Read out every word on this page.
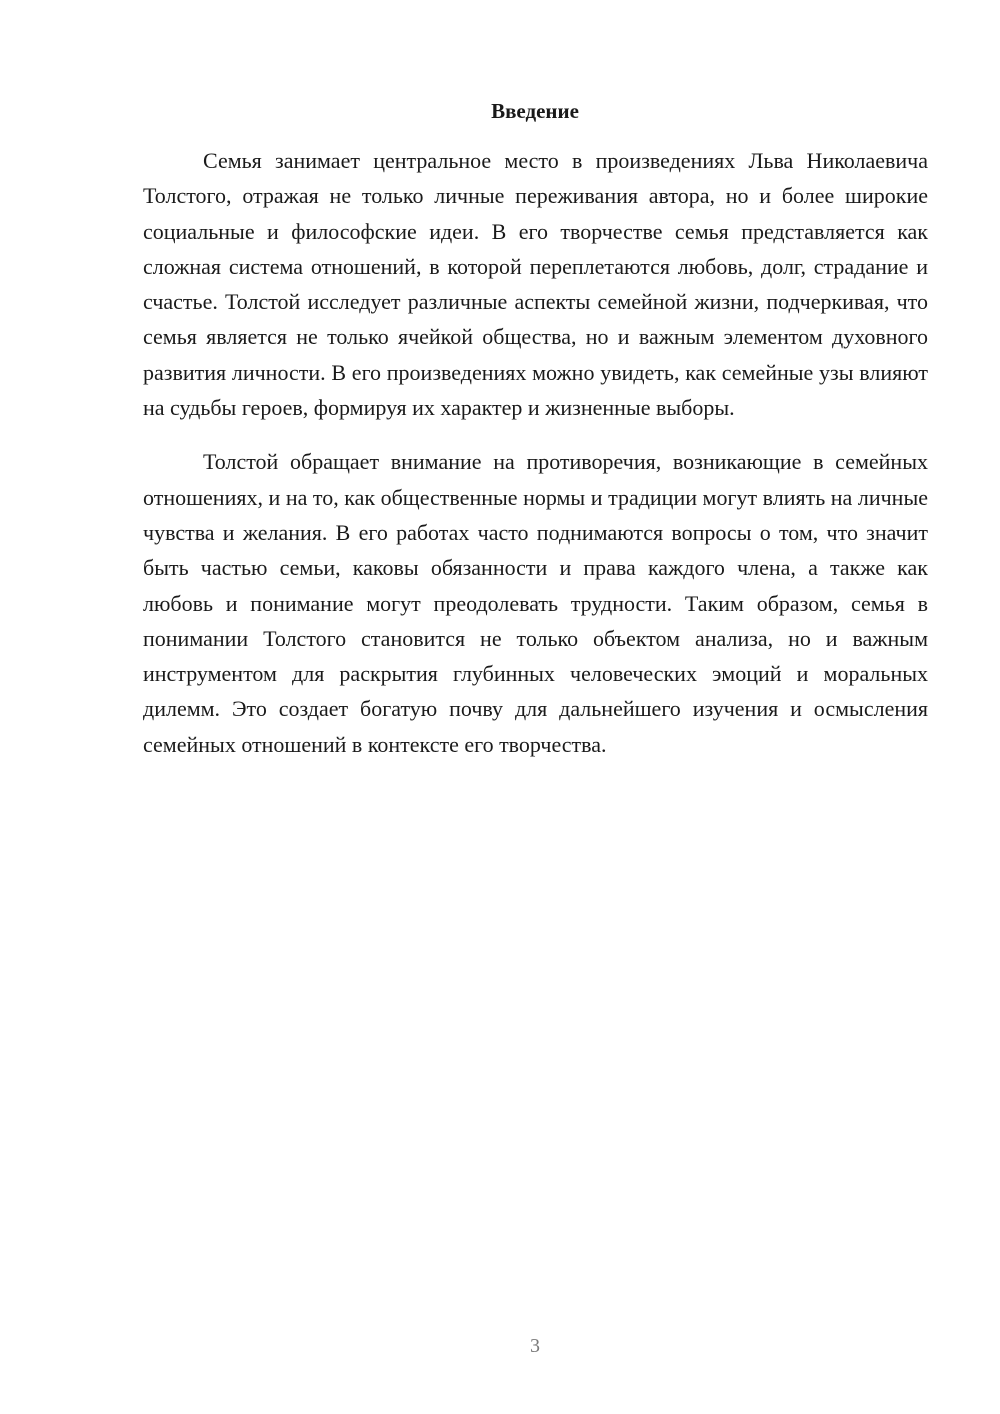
Введение

Семья занимает центральное место в произведениях Льва Николаевича Толстого, отражая не только личные переживания автора, но и более широкие социальные и философские идеи. В его творчестве семья представляется как сложная система отношений, в которой переплетаются любовь, долг, страдание и счастье. Толстой исследует различные аспекты семейной жизни, подчеркивая, что семья является не только ячейкой общества, но и важным элементом духовного развития личности. В его произведениях можно увидеть, как семейные узы влияют на судьбы героев, формируя их характер и жизненные выборы.

Толстой обращает внимание на противоречия, возникающие в семейных отношениях, и на то, как общественные нормы и традиции могут влиять на личные чувства и желания. В его работах часто поднимаются вопросы о том, что значит быть частью семьи, каковы обязанности и права каждого члена, а также как любовь и понимание могут преодолевать трудности. Таким образом, семья в понимании Толстого становится не только объектом анализа, но и важным инструментом для раскрытия глубинных человеческих эмоций и моральных дилемм. Это создает богатую почву для дальнейшего изучения и осмысления семейных отношений в контексте его творчества.

3
